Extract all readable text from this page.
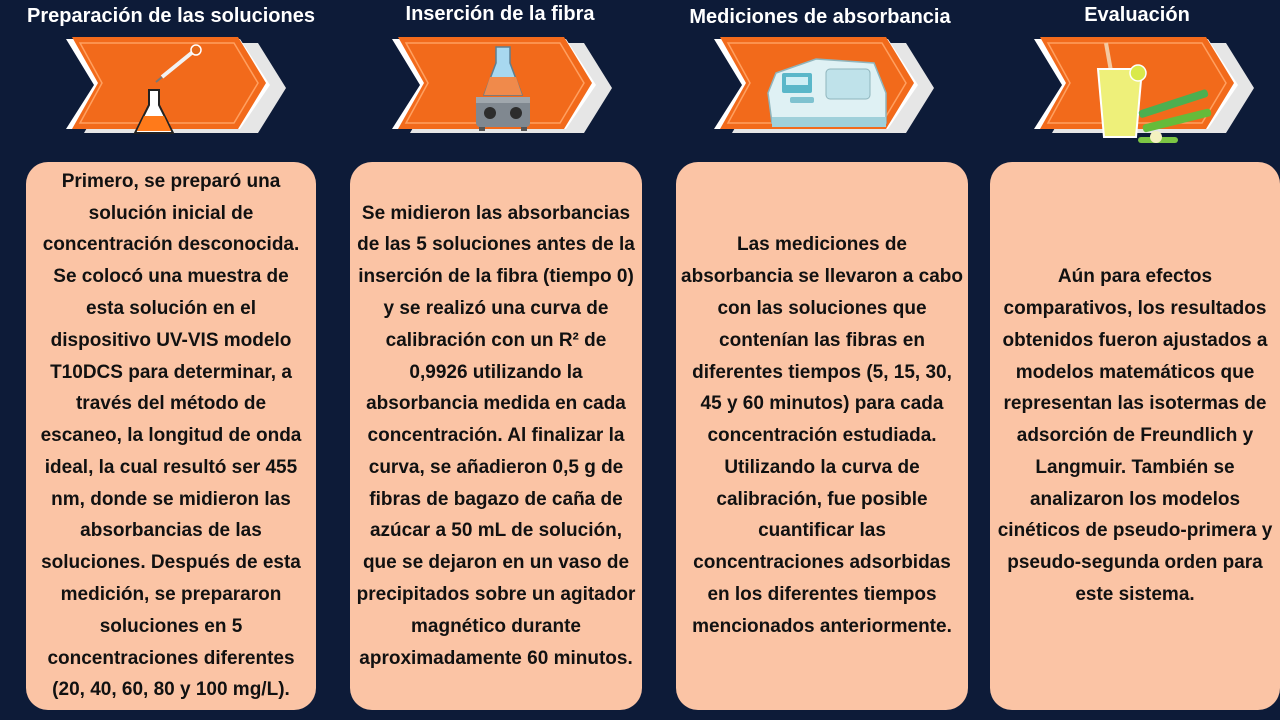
Preparación de las soluciones	Inserción de la fibra	Mediciones de absorbancia	Evaluación

Primero, se preparó una solución inicial de concentración desconocida. Se colocó una muestra de esta solución en el dispositivo UV-VIS modelo T10DCS para determinar, a través del método de escaneo, la longitud de onda ideal, la cual resultó ser 455 nm, donde se midieron las absorbancias de las soluciones. Después de esta medición, se prepararon soluciones en 5 concentraciones diferentes (20, 40, 60, 80 y 100 mg/L).

Se midieron las absorbancias de las 5 soluciones antes de la inserción de la fibra (tiempo 0) y se realizó una curva de calibración con un R² de 0,9926 utilizando la absorbancia medida en cada concentración. Al finalizar la curva, se añadieron 0,5 g de fibras de bagazo de caña de azúcar a 50 mL de solución, que se dejaron en un vaso de precipitados sobre un agitador magnético durante aproximadamente 60 minutos.

Las mediciones de absorbancia se llevaron a cabo con las soluciones que contenían las fibras en diferentes tiempos (5, 15, 30, 45 y 60 minutos) para cada concentración estudiada. Utilizando la curva de calibración, fue posible cuantificar las concentraciones adsorbidas en los diferentes tiempos mencionados anteriormente.

Aún para efectos comparativos, los resultados obtenidos fueron ajustados a modelos matemáticos que representan las isotermas de adsorción de Freundlich y Langmuir. También se analizaron los modelos cinéticos de pseudo-primera y pseudo-segunda orden para este sistema.
